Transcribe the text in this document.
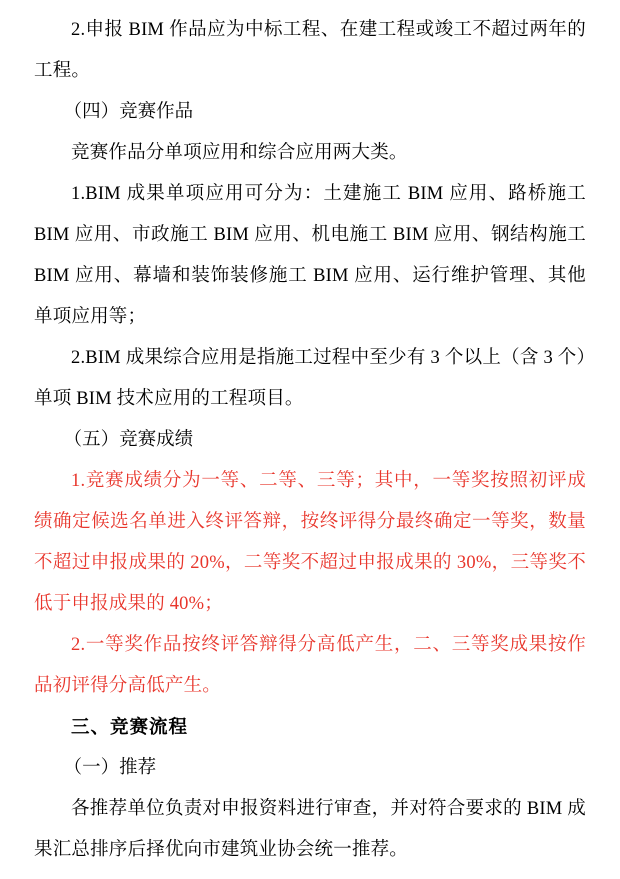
2.申报 BIM 作品应为中标工程、在建工程或竣工不超过两年的工程。

（四）竞赛作品

竞赛作品分单项应用和综合应用两大类。

1.BIM 成果单项应用可分为：土建施工 BIM 应用、路桥施工 BIM 应用、市政施工 BIM 应用、机电施工 BIM 应用、钢结构施工 BIM 应用、幕墙和装饰装修施工 BIM 应用、运行维护管理、其他单项应用等；

2.BIM 成果综合应用是指施工过程中至少有 3 个以上（含 3 个）单项 BIM 技术应用的工程项目。

（五）竞赛成绩

1.竞赛成绩分为一等、二等、三等；其中，一等奖按照初评成绩确定候选名单进入终评答辩，按终评得分最终确定一等奖，数量不超过申报成果的 20%，二等奖不超过申报成果的 30%，三等奖不低于申报成果的 40%；

2.一等奖作品按终评答辩得分高低产生，二、三等奖成果按作品初评得分高低产生。

三、竞赛流程

（一）推荐

各推荐单位负责对申报资料进行审查，并对符合要求的 BIM 成果汇总排序后择优向市建筑业协会统一推荐。
